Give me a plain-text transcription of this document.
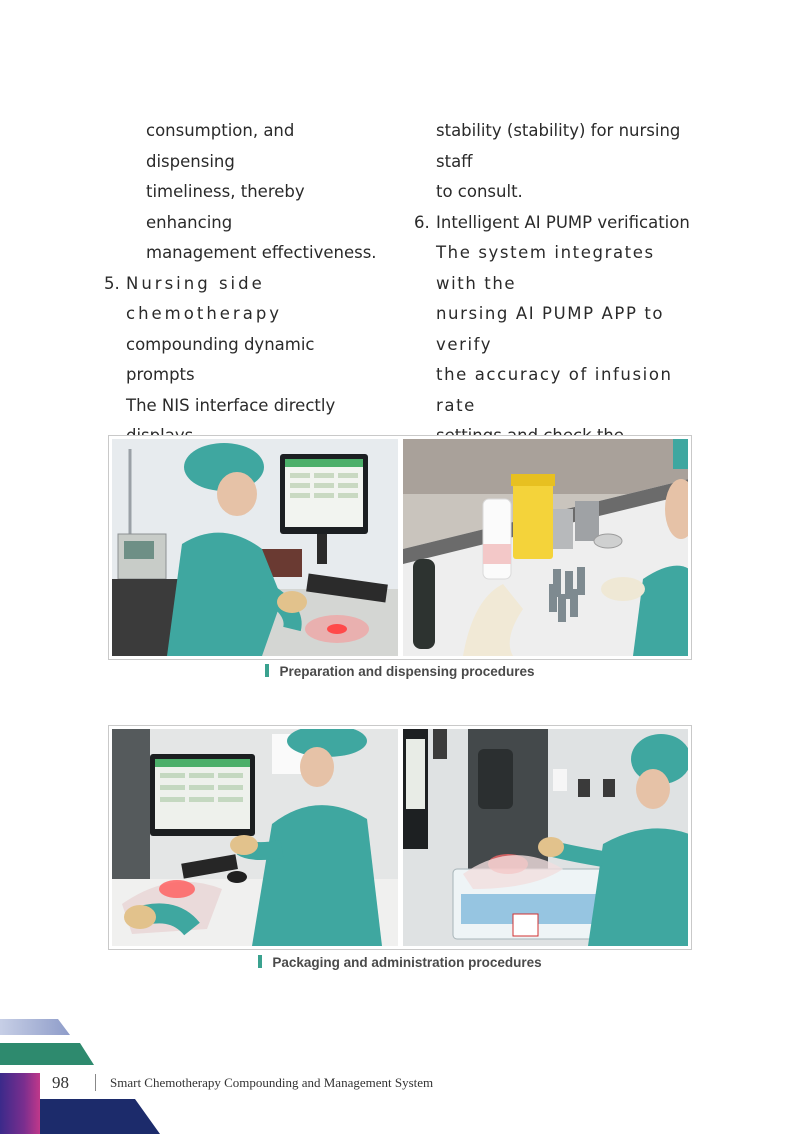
consumption, and dispensing

timeliness, thereby enhancing

management effectiveness.

5. Nursing side chemotherapy

compounding dynamic prompts

The NIS interface directly

stability (stability) for nursing staff

to consult.

6. Intelligent AI PUMP verification

The system integrates with the

nursing AI PUMP APP to verify

the accuracy of infusion rate

Preparation and dispensing procedures
Packaging and administration procedures
98	Smart Chemotherapy Compounding and Management System
